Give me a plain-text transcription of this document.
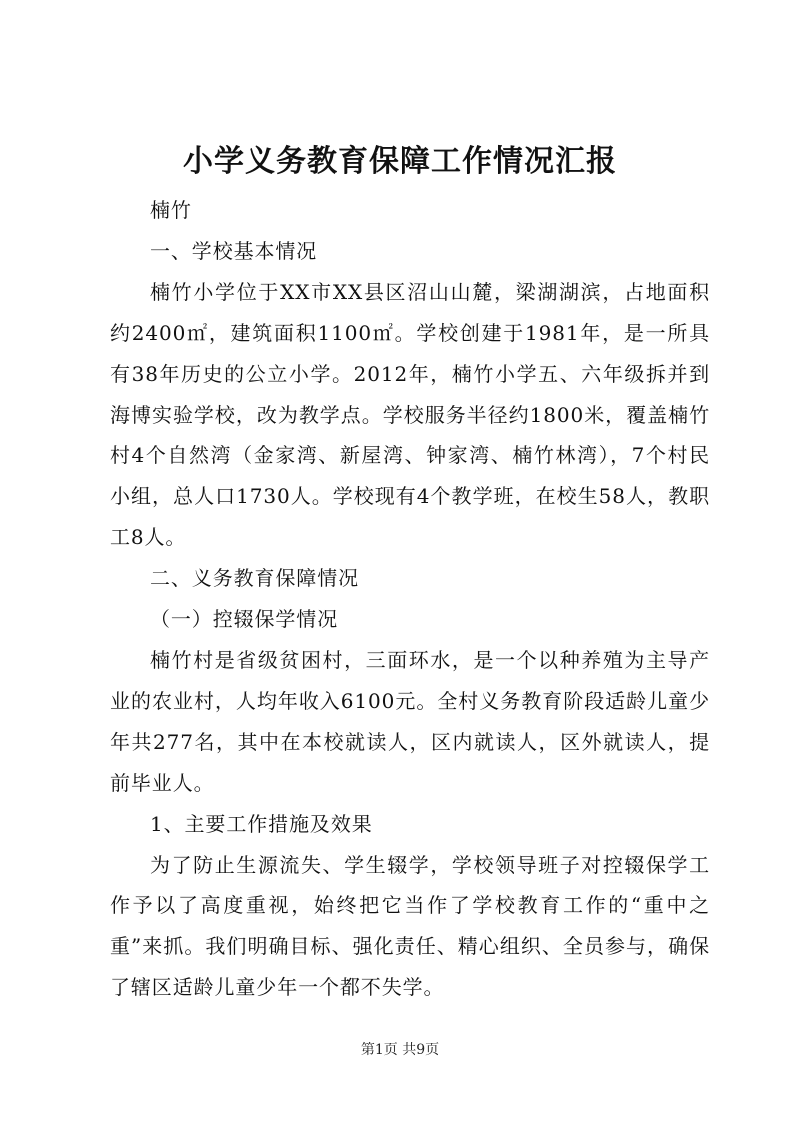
小学义务教育保障工作情况汇报

楠竹

一、学校基本情况

楠竹小学位于XX市XX县区沼山山麓，梁湖湖滨，占地面积约2400㎡，建筑面积1100㎡。学校创建于1981年，是一所具有38年历史的公立小学。2012年，楠竹小学五、六年级拆并到海博实验学校，改为教学点。学校服务半径约1800米，覆盖楠竹村4个自然湾（金家湾、新屋湾、钟家湾、楠竹林湾），7个村民小组，总人口1730人。学校现有4个教学班，在校生58人，教职工8人。

二、义务教育保障情况

（一）控辍保学情况

楠竹村是省级贫困村，三面环水，是一个以种养殖为主导产业的农业村，人均年收入6100元。全村义务教育阶段适龄儿童少年共277名，其中在本校就读人，区内就读人，区外就读人，提前毕业人。

1、主要工作措施及效果

为了防止生源流失、学生辍学，学校领导班子对控辍保学工作予以了高度重视，始终把它当作了学校教育工作的“重中之重”来抓。我们明确目标、强化责任、精心组织、全员参与，确保了辖区适龄儿童少年一个都不失学。

第1页 共9页
